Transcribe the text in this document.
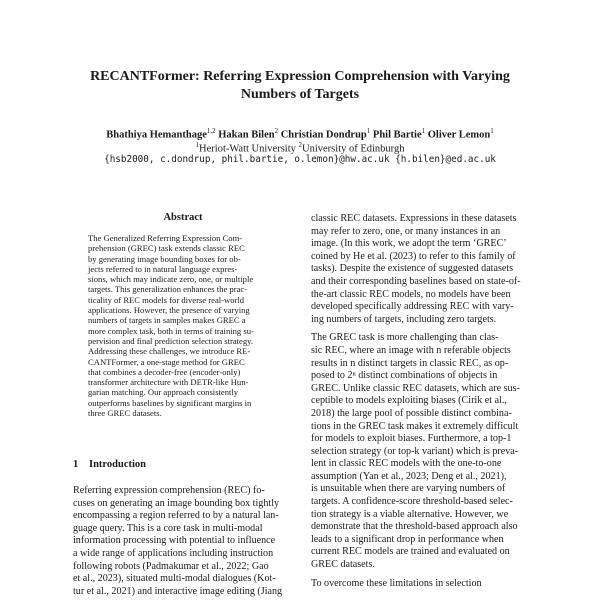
RECANTFormer: Referring Expression Comprehension with Varying
Numbers of Targets
Bhathiya Hemanthage$^{1,2}$ Hakan Bilen$^2$ Christian Dondrup$^1$ Phil Bartie$^1$ Oliver Lemon$^1$
$^1$Heriot-Watt University $^2$University of Edinburgh
{hsb2000, c.dondrup, phil.bartie, o.lemon}@hw.ac.uk {h.bilen}@ed.ac.uk
Abstract
The Generalized Referring Expression Com-
prehension (GREC) task extends classic REC
by generating image bounding boxes for ob-
jects referred to in natural language expres-
sions, which may indicate zero, one, or multiple
targets. This generalization enhances the prac-
ticality of REC models for diverse real-world
applications. However, the presence of varying
numbers of targets in samples makes GREC a
more complex task, both in terms of training su-
pervision and final prediction selection strategy.
Addressing these challenges, we introduce RE-
CANTFormer, a one-stage method for GREC
that combines a decoder-free (encoder-only)
transformer architecture with DETR-like Hun-
garian matching. Our approach consistently
outperforms baselines by significant margins in
three GREC datasets.
1 Introduction
Referring expression comprehension (REC) fo-
cuses on generating an image bounding box tightly
encompassing a region referred to by a natural lan-
guage query. This is a core task in multi-modal
information processing with potential to influence
a wide range of applications including instruction
following robots (Padmakumar et al., 2022; Gao
et al., 2023), situated multi-modal dialogues (Kot-
tur et al., 2021) and interactive image editing (Jiang
classic REC datasets. Expressions in these datasets
may refer to zero, one, or many instances in an
image. (In this work, we adopt the term ‘GREC’
coined by He et al. (2023) to refer to this family of
tasks). Despite the existence of suggested datasets
and their corresponding baselines based on state-of-
the-art classic REC models, no models have been
developed specifically addressing REC with vary-
ing numbers of targets, including zero targets.
The GREC task is more challenging than clas-
sic REC, where an image with n referable objects
results in n distinct targets in classic REC, as op-
posed to 2ⁿ distinct combinations of objects in
GREC. Unlike classic REC datasets, which are sus-
ceptible to models exploiting biases (Cirik et al.,
2018) the large pool of possible distinct combina-
tions in the GREC task makes it extremely difficult
for models to exploit biases. Furthermore, a top-1
selection strategy (or top-k variant) which is preva-
lent in classic REC models with the one-to-one
assumption (Yan et al., 2023; Deng et al., 2021),
is unsuitable when there are varying numbers of
targets. A confidence-score threshold-based selec-
tion strategy is a viable alternative. However, we
demonstrate that the threshold-based approach also
leads to a significant drop in performance when
current REC models are trained and evaluated on
GREC datasets.
To overcome these limitations in selection
